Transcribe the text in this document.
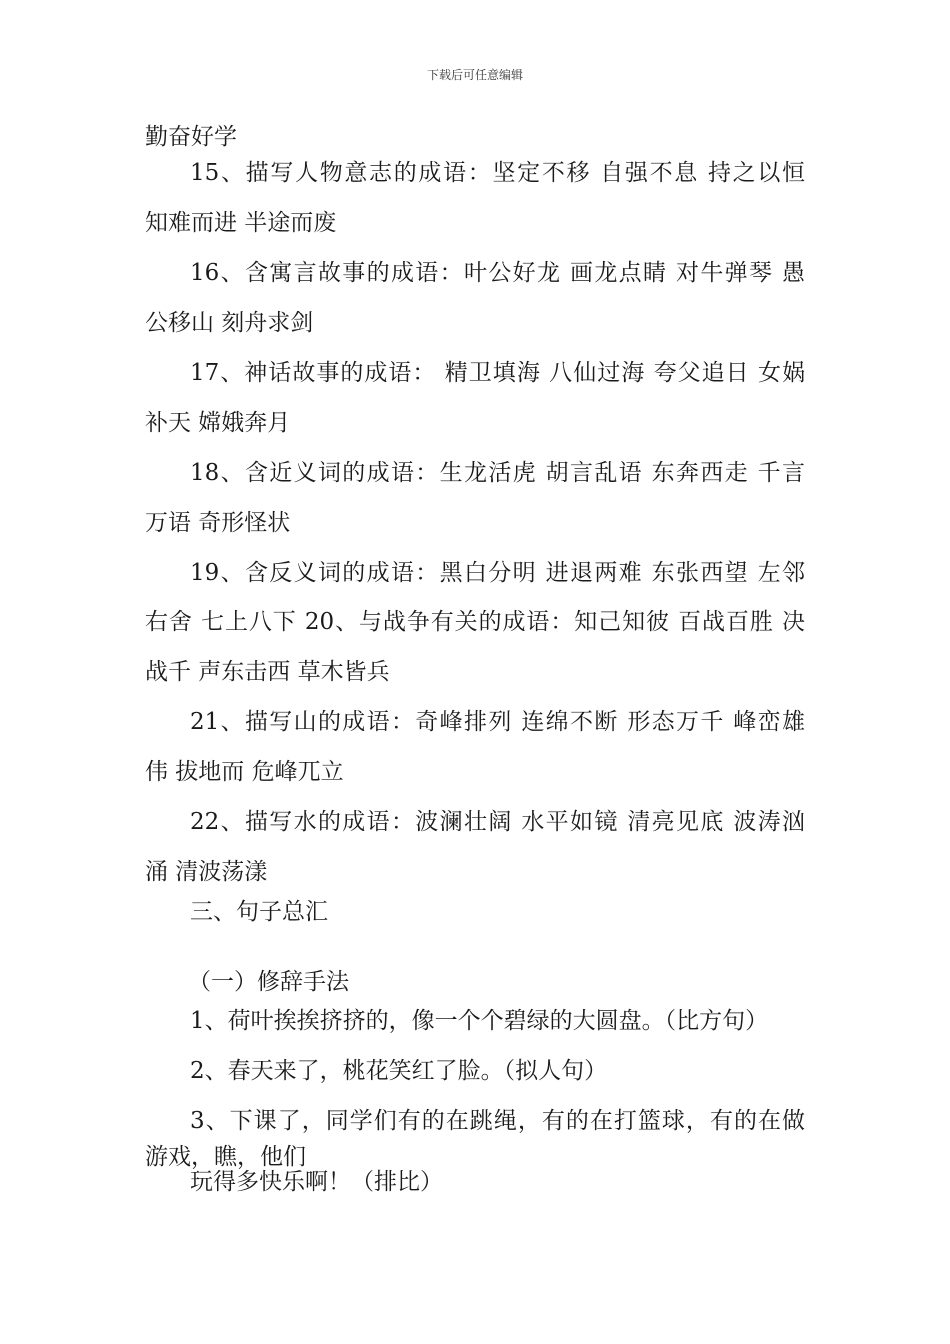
下载后可任意编辑
勤奋好学
15、描写人物意志的成语：坚定不移 自强不息 持之以恒
知难而进 半途而废
16、含寓言故事的成语：叶公好龙 画龙点睛 对牛弹琴 愚
公移山 刻舟求剑
17、神话故事的成语： 精卫填海 八仙过海 夸父追日 女娲
补天 嫦娥奔月
18、含近义词的成语：生龙活虎 胡言乱语 东奔西走 千言
万语 奇形怪状
19、含反义词的成语：黑白分明 进退两难 东张西望 左邻
右舍 七上八下 20、与战争有关的成语：知己知彼 百战百胜 决
战千 声东击西 草木皆兵
21、描写山的成语：奇峰排列 连绵不断 形态万千 峰峦雄
伟 拔地而 危峰兀立
22、描写水的成语：波澜壮阔 水平如镜 清亮见底 波涛汹
涌 清波荡漾
三、句子总汇
（一）修辞手法
1、荷叶挨挨挤挤的，像一个个碧绿的大圆盘。（比方句）
2、春天来了，桃花笑红了脸。（拟人句）
3、下课了，同学们有的在跳绳，有的在打篮球，有的在做
游戏，瞧，他们
玩得多快乐啊！（排比）
